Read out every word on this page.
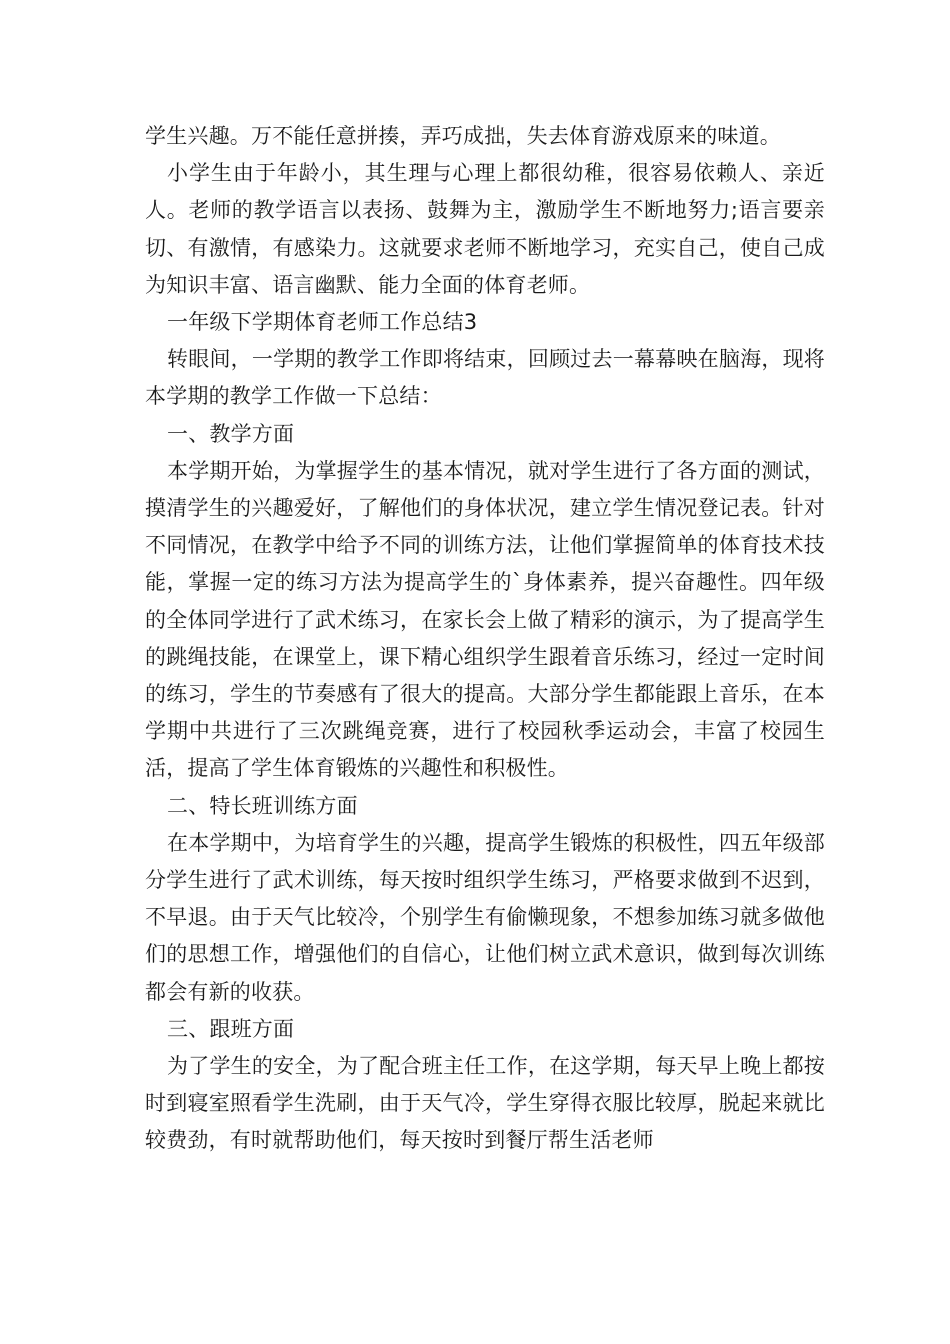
学生兴趣。万不能任意拼揍，弄巧成拙，失去体育游戏原来的味道。

小学生由于年龄小，其生理与心理上都很幼稚，很容易依赖人、亲近人。老师的教学语言以表扬、鼓舞为主，激励学生不断地努力;语言要亲切、有激情，有感染力。这就要求老师不断地学习，充实自己，使自己成为知识丰富、语言幽默、能力全面的体育老师。

一年级下学期体育老师工作总结3

转眼间，一学期的教学工作即将结束，回顾过去一幕幕映在脑海，现将本学期的教学工作做一下总结：

一、教学方面

本学期开始，为掌握学生的基本情况，就对学生进行了各方面的测试，摸清学生的兴趣爱好，了解他们的身体状况，建立学生情况登记表。针对不同情况，在教学中给予不同的训练方法，让他们掌握简单的体育技术技能，掌握一定的练习方法为提高学生的`身体素养，提兴奋趣性。四年级的全体同学进行了武术练习，在家长会上做了精彩的演示，为了提高学生的跳绳技能，在课堂上，课下精心组织学生跟着音乐练习，经过一定时间的练习，学生的节奏感有了很大的提高。大部分学生都能跟上音乐，在本学期中共进行了三次跳绳竞赛，进行了校园秋季运动会，丰富了校园生活，提高了学生体育锻炼的兴趣性和积极性。

二、特长班训练方面

在本学期中，为培育学生的兴趣，提高学生锻炼的积极性，四五年级部分学生进行了武术训练，每天按时组织学生练习，严格要求做到不迟到，不早退。由于天气比较冷，个别学生有偷懒现象，不想参加练习就多做他们的思想工作，增强他们的自信心，让他们树立武术意识，做到每次训练都会有新的收获。

三、跟班方面

为了学生的安全，为了配合班主任工作，在这学期，每天早上晚上都按时到寝室照看学生洗刷，由于天气冷，学生穿得衣服比较厚，脱起来就比较费劲，有时就帮助他们，每天按时到餐厅帮生活老师
